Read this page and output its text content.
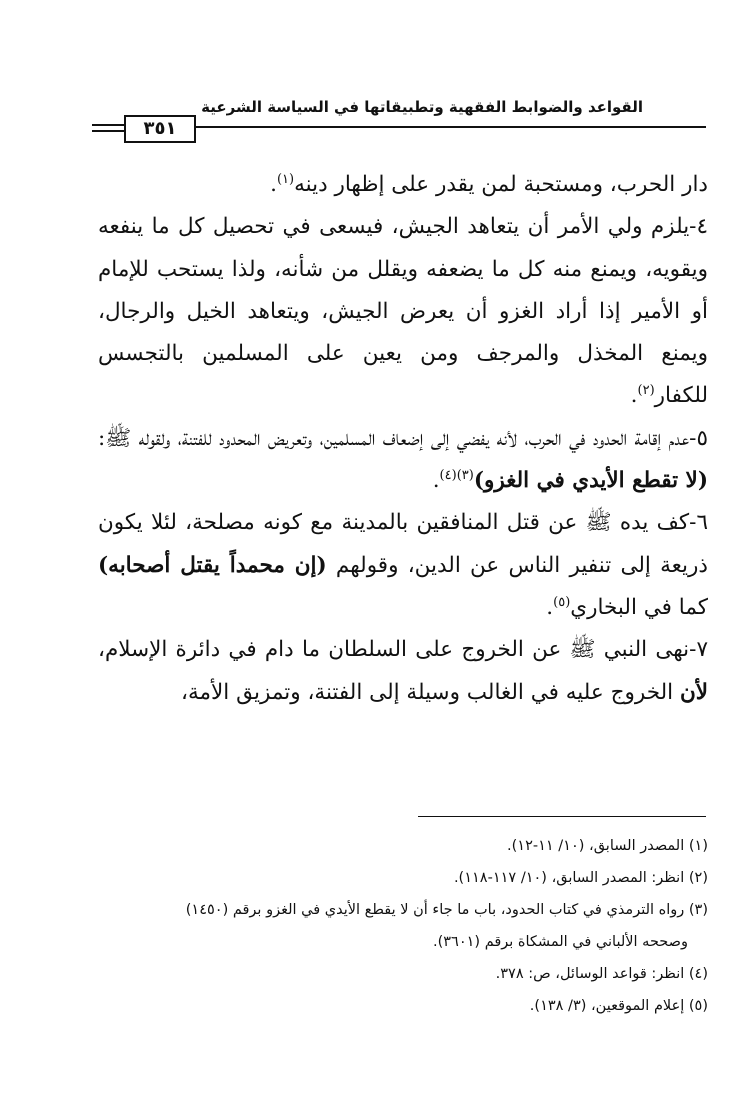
القواعد والضوابط الفقهية وتطبيقاتها في السياسة الشرعية
٣٥١

دار الحرب، ومستحبة لمن يقدر على إظهار دينه$^{(١)}$.

٤-يلزم ولي الأمر أن يتعاهد الجيش، فيسعى في تحصيل كل ما ينفعه ويقويه، ويمنع منه كل ما يضعفه ويقلل من شأنه، ولذا يستحب للإمام أو الأمير إذا أراد الغزو أن يعرض الجيش، ويتعاهد الخيل والرجال، ويمنع المخذل والمرجف ومن يعين على المسلمين بالتجسس للكفار$^{(٢)}$.

٥-عدم إقامة الحدود في الحرب، لأنه يفضي إلى إضعاف المسلمين، وتعريض المحدود للفتنة، ولقوله ﷺ: (لا تقطع الأيدي في الغزو)$^{(٣)(٤)}$.

٦-كف يده ﷺ عن قتل المنافقين بالمدينة مع كونه مصلحة، لئلا يكون ذريعة إلى تنفير الناس عن الدين، وقولهم (إن محمداً يقتل أصحابه) كما في البخاري$^{(٥)}$.

٧-نهى النبي ﷺ عن الخروج على السلطان ما دام في دائرة الإسلام، لأن الخروج عليه في الغالب وسيلة إلى الفتنة، وتمزيق الأمة،

(١) المصدر السابق، (١٠/ ١١-١٢).

(٢) انظر: المصدر السابق، (١٠/ ١١٧-١١٨).

(٣) رواه الترمذي في كتاب الحدود، باب ما جاء أن لا يقطع الأيدي في الغزو برقم (١٤٥٠)

وصححه الألباني في المشكاة برقم (٣٦٠١).

(٤) انظر: قواعد الوسائل، ص: ٣٧٨.

(٥) إعلام الموقعين، (٣/ ١٣٨).
